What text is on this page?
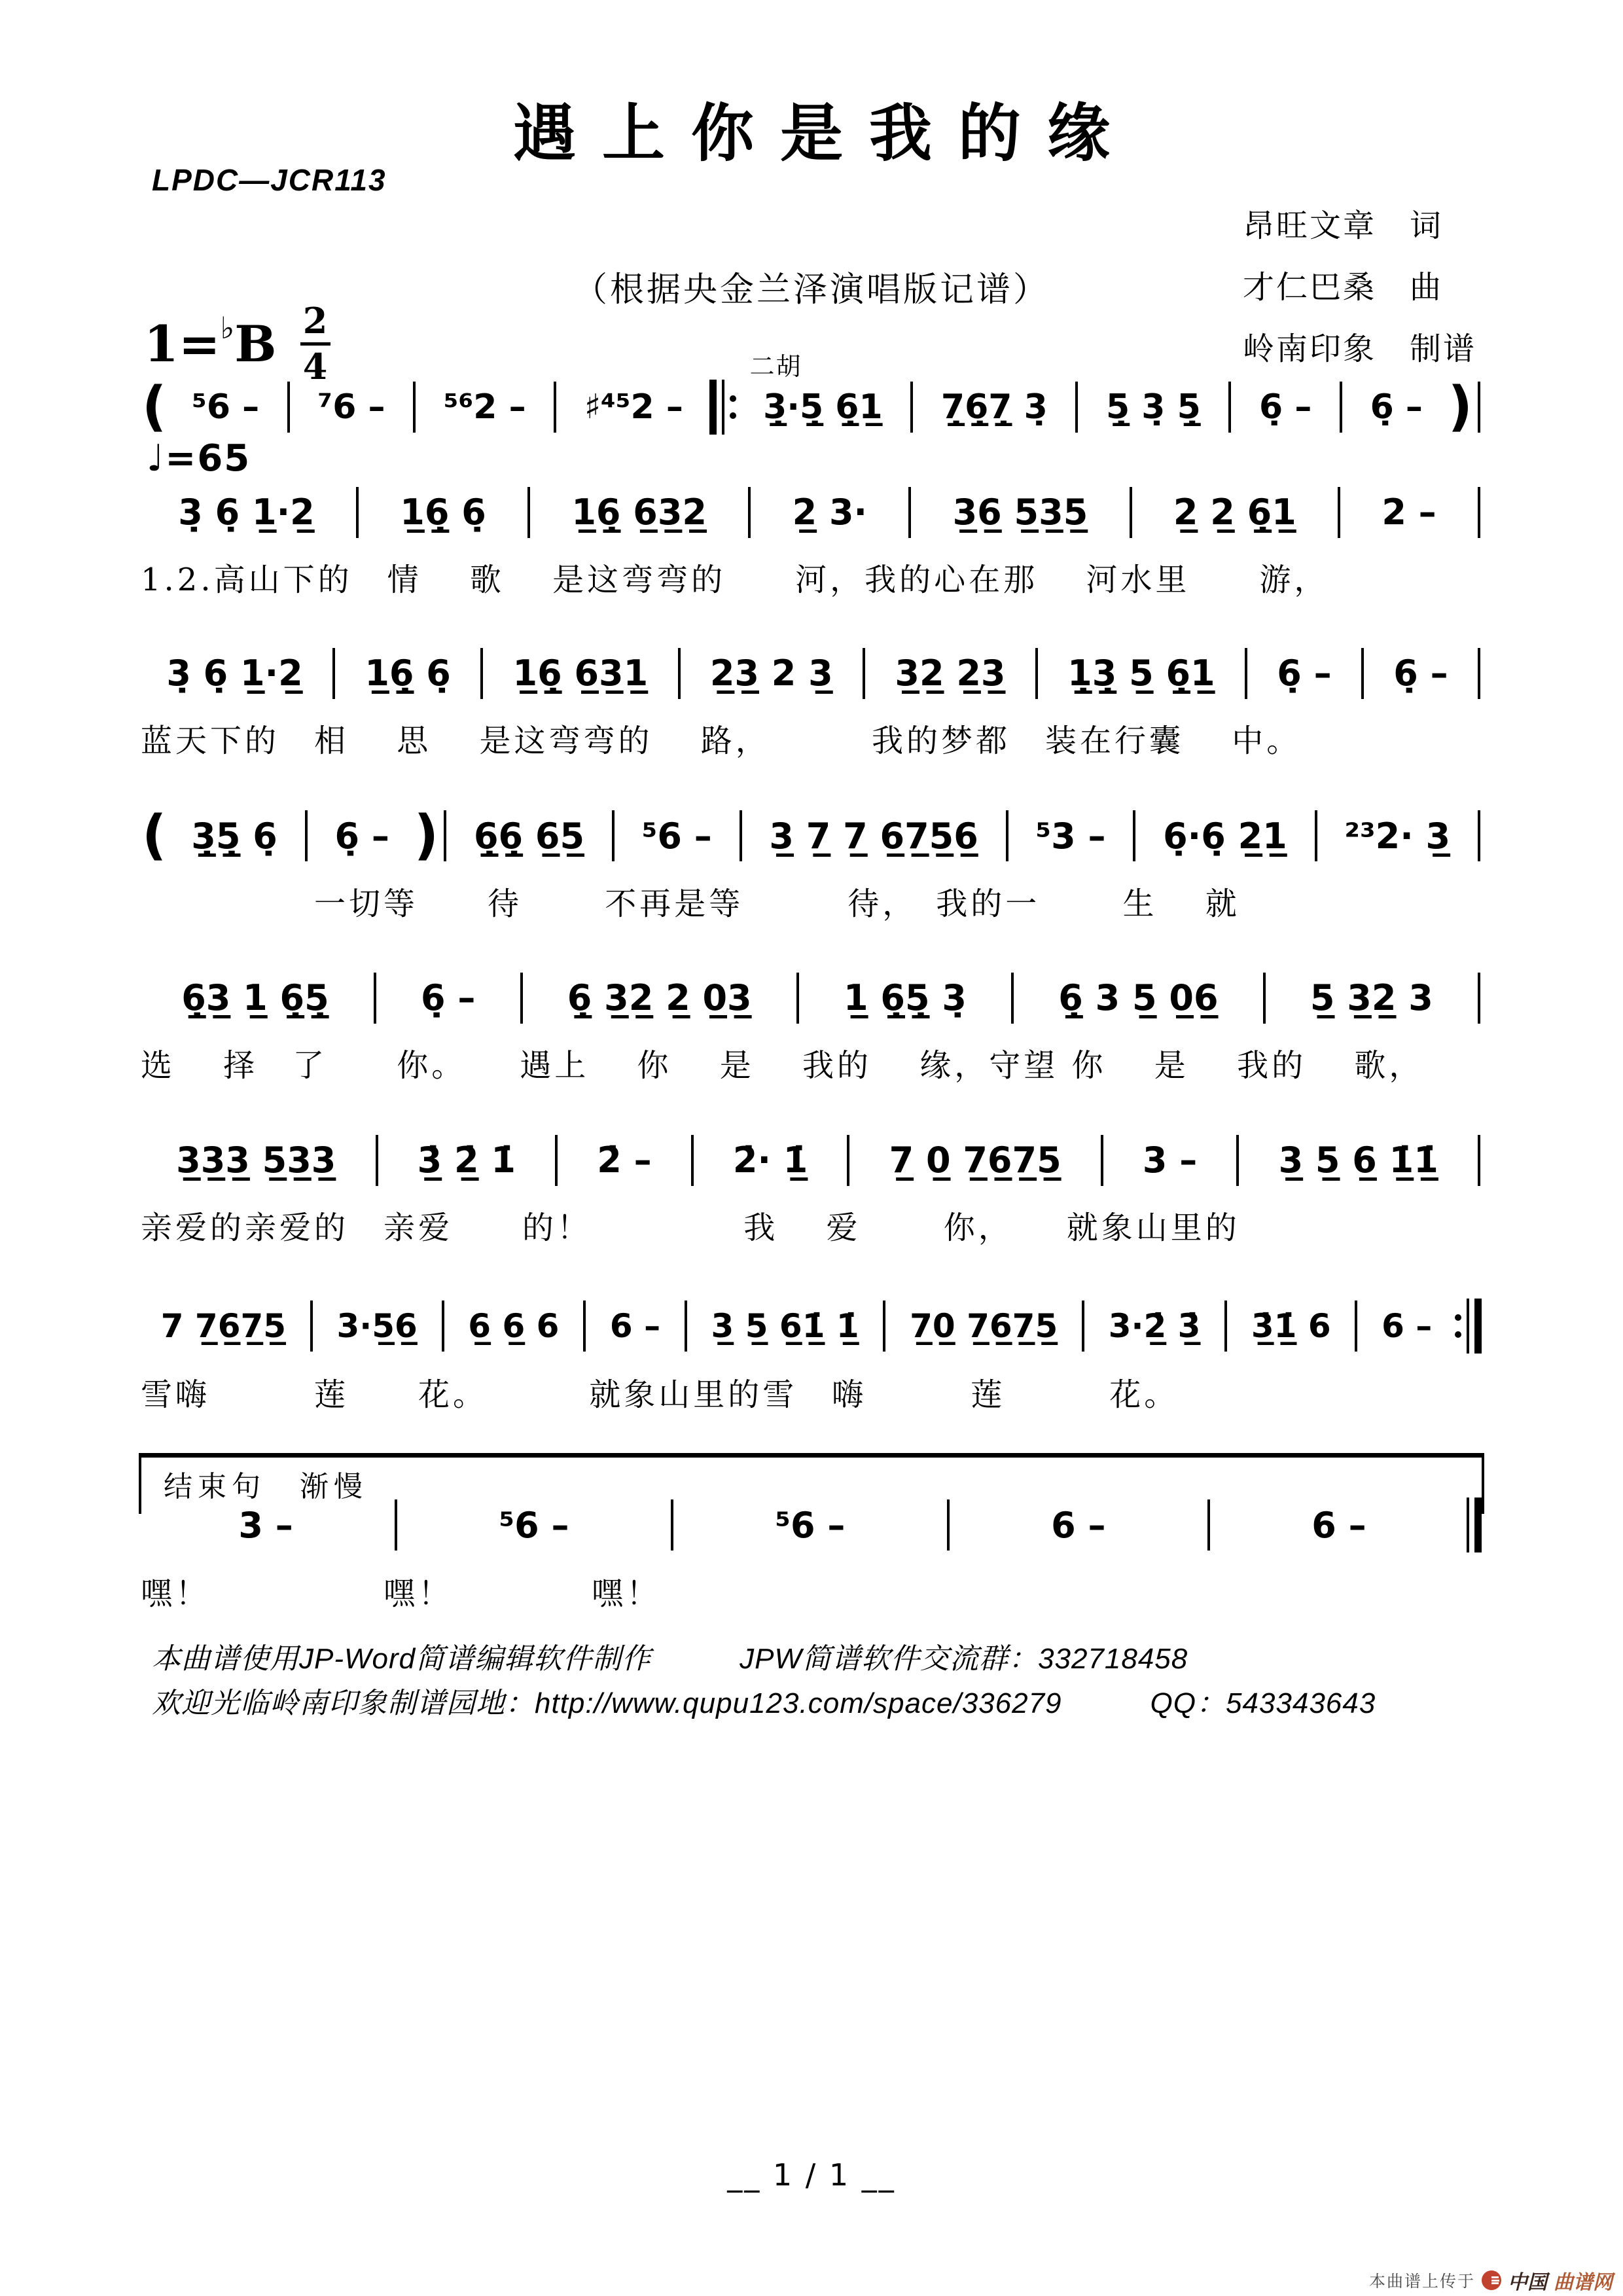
LPDC—JCR113
遇上你是我的缘
（根据央金兰泽演唱版记谱）
昂旺文章　词
才仁巴桑　曲
岭南印象　制谱
1= ♭ B 2
4
♩=65
( ⁵6 –	⁷6 –	⁵⁶2 –	♯⁴⁵2 –	3̲̣·5̲̣ 6̲̣1̲
二胡
7̲̣6̲̣7̲̣ 3̣	5̲̣ 3̣ 5̲̣	6̣ –	6̣ – )
3̣ 6̣ 1̲·2̲	1̲6̲̣ 6̣	1̲6̲̣ 6̲3̲2̲	2̲ 3·	3̲6̲ 5̲3̲5̲	2̲ 2̲ 6̲̣1̲	2 –
1.2.高山下的　情　 歌　 是这弯弯的　　河，我的心在那　 河水里　　游，
3̣ 6̣ 1̲·2̲	1̲6̲̣ 6̣	1̲6̲̣ 6̲3̲1̲	2̲3̲ 2 3̲	3̲2̲ 2̲3̲	1̲̣3̲̣ 5̲ 6̲̣1̲	6̣ –	6̣ –
蓝天下的　相　 思　 是这弯弯的　 路，　　　 我的梦都　装在行囊　 中。
( 3̲̣5̲̣ 6̣	6̣ – ) 6̲̣6̲̣ 6̲5̲	⁵6 –	3̲ 7̲ 7̲ 6̲7̲5̲6̲	⁵3 –	6̣·6̣ 2̲1̲	²³2· 3̲
　　　　　一切等　　待　　 不再是等　　　待，　我的一　　 生　 就
6̲̣3̲ 1̲ 6̲̣5̲̣	6̣ –	6̲̣ 3̲2̲ 2̲ 0̲3̲	1̲ 6̲̣5̲̣ 3̣	6̲̣ 3 5̲ 0̲6̲	5̲ 3̲2̲ 3
选　 择　了　　你。　　遇上　 你　 是　 我的　 缘，守望 你　 是　 我的　 歌，
3̲3̲3̲ 5̲3̲3̲	3̲̇ 2̲̇ 1̇	2̇ –	2̇· 1̲̇	7̲ 0̲ 7̲6̲7̲5̲	3 –	3̲ 5̲ 6̲ 1̲̇1̲̇
亲爱的亲爱的　亲爱　　的！　　　　 我　 爱　　 你，　　就象山里的
7 7̲6̲7̲5̲	3·5̲6̲	6̲ 6̲ 6	6 –	3̲ 5̲ 6̲1̲̇ 1̲̇	7̲0̲ 7̲6̲7̲5̲	3·2̲̇ 3̲̇	3̲̇1̲̇ 6	6 –
雪嗨　　　莲　　花。　　　 就象山里的雪　嗨　　　莲　　　花。
3 –	⁵6 –	⁵6 –	6 –	6 –
嘿！　　　　　嘿！　　　　嘿！
结束句　渐慢
本曲谱使用JP-Word简谱编辑软件制作　　　JPW简谱软件交流群：332718458
欢迎光临岭南印象制谱园地：http://www.qupu123.com/space/336279　　　QQ：543343643
__ 1 / 1 __
本曲谱上传于 中国 曲谱网
